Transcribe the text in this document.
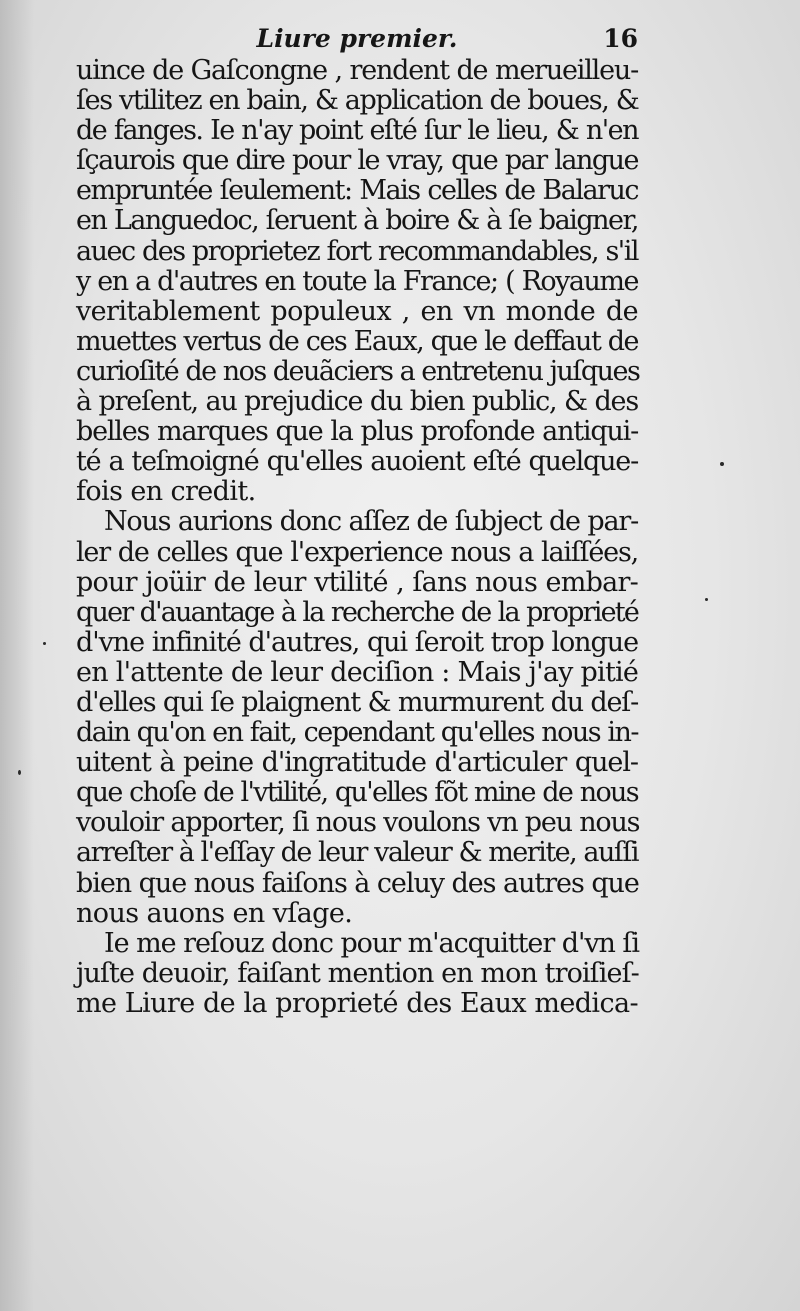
Liure premier.	16
uince de Gaſcongne , rendent de merueilleu-
ſes vtilitez en bain, & application de boues, &
de fanges. Ie n'ay point eſté ſur le lieu, & n'en
ſçaurois que dire pour le vray, que par langue
empruntée ſeulement: Mais celles de Balaruc
en Languedoc, ſeruent à boire & à ſe baigner,
auec des proprietez fort recommandables, s'il
y en a d'autres en toute la France; ( Royaume
veritablement populeux , en vn monde de
muettes vertus de ces Eaux, que le deffaut de
curioſité de nos deuãciers a entretenu juſques
à preſent, au prejudice du bien public, & des
belles marques que la plus profonde antiqui-
té a teſmoigné qu'elles auoient eſté quelque-
fois en credit.
Nous aurions donc aſſez de ſubject de par-
ler de celles que l'experience nous a laiſſées,
pour joüir de leur vtilité , ſans nous embar-
quer d'auantage à la recherche de la proprieté
d'vne infinité d'autres, qui ſeroit trop longue
en l'attente de leur deciſion : Mais j'ay pitié
d'elles qui ſe plaignent & murmurent du deſ-
dain qu'on en fait, cependant qu'elles nous in-
uitent à peine d'ingratitude d'articuler quel-
que choſe de l'vtilité, qu'elles fõt mine de nous
vouloir apporter, ſi nous voulons vn peu nous
arreſter à l'eſſay de leur valeur & merite, auſſi
bien que nous faiſons à celuy des autres que
nous auons en vſage.
Ie me reſouz donc pour m'acquitter d'vn ſi
juſte deuoir, faiſant mention en mon troiſieſ-
me Liure de la proprieté des Eaux medica-
